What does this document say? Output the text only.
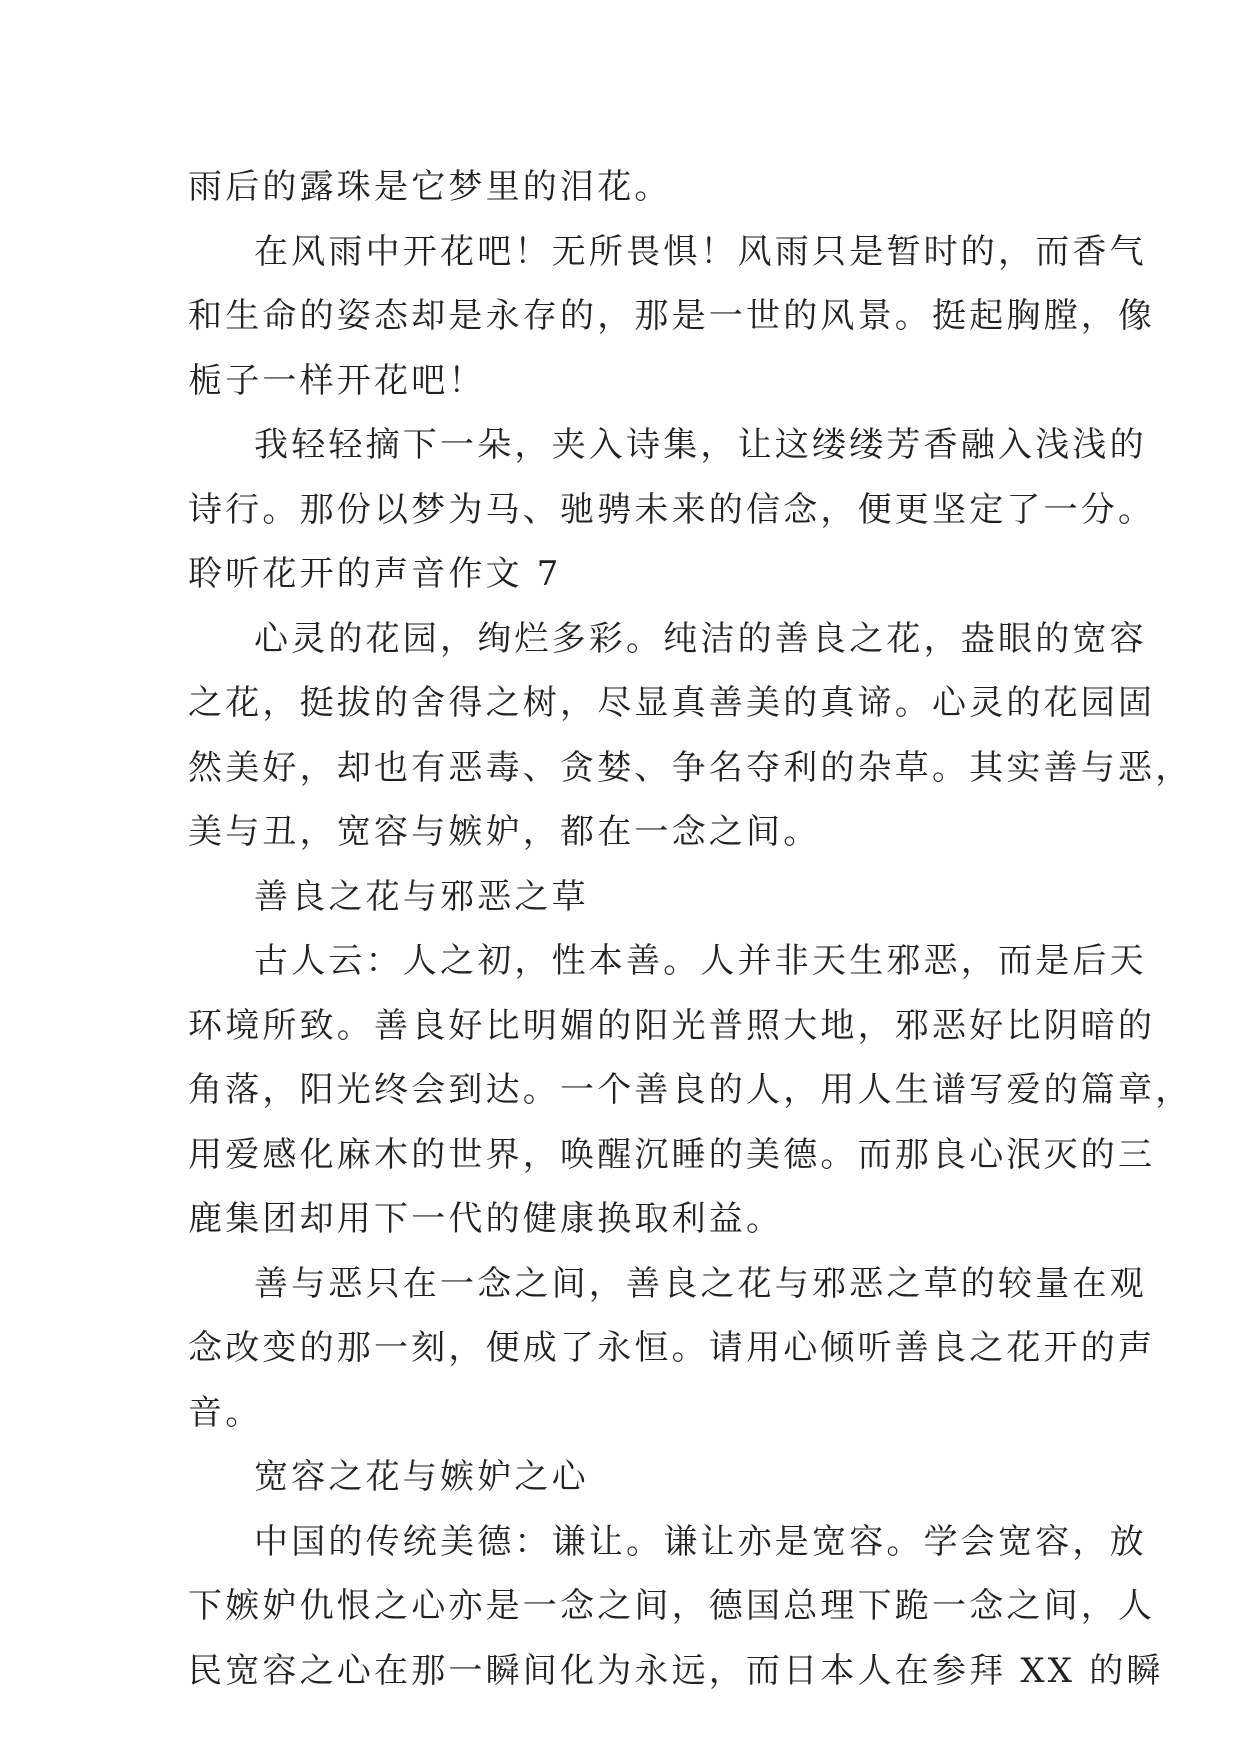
雨后的露珠是它梦里的泪花。
在风雨中开花吧！无所畏惧！风雨只是暂时的，而香气
和生命的姿态却是永存的，那是一世的风景。挺起胸膛，像
栀子一样开花吧！
我轻轻摘下一朵，夹入诗集，让这缕缕芳香融入浅浅的
诗行。那份以梦为马、驰骋未来的信念，便更坚定了一分。
聆听花开的声音作文 7
心灵的花园，绚烂多彩。纯洁的善良之花，盎眼的宽容
之花，挺拔的舍得之树，尽显真善美的真谛。心灵的花园固
然美好，却也有恶毒、贪婪、争名夺利的杂草。其实善与恶，
美与丑，宽容与嫉妒，都在一念之间。
善良之花与邪恶之草
古人云：人之初，性本善。人并非天生邪恶，而是后天
环境所致。善良好比明媚的阳光普照大地，邪恶好比阴暗的
角落，阳光终会到达。一个善良的人，用人生谱写爱的篇章，
用爱感化麻木的世界，唤醒沉睡的美德。而那良心泯灭的三
鹿集团却用下一代的健康换取利益。
善与恶只在一念之间，善良之花与邪恶之草的较量在观
念改变的那一刻，便成了永恒。请用心倾听善良之花开的声
音。
宽容之花与嫉妒之心
中国的传统美德：谦让。谦让亦是宽容。学会宽容，放
下嫉妒仇恨之心亦是一念之间，德国总理下跪一念之间，人
民宽容之心在那一瞬间化为永远，而日本人在参拜 XX 的瞬
